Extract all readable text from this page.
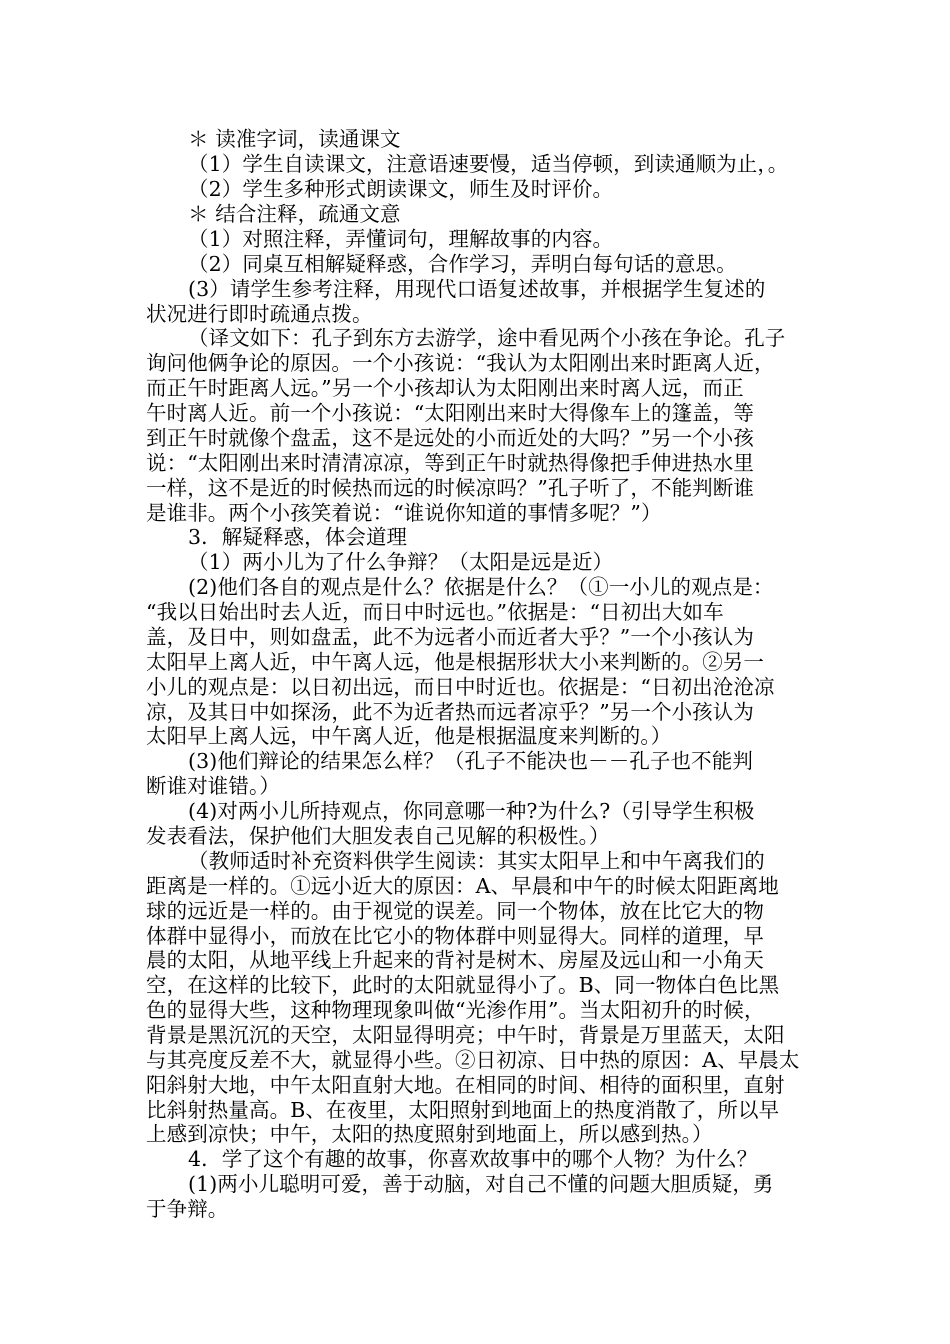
＊ 读准字词，读通课文
（1）学生自读课文，注意语速要慢，适当停顿，到读通顺为止，。
（2）学生多种形式朗读课文，师生及时评价。
＊ 结合注释，疏通文意
（1）对照注释，弄懂词句，理解故事的内容。
（2）同桌互相解疑释惑，合作学习，弄明白每句话的意思。
(3）请学生参考注释，用现代口语复述故事，并根据学生复述的
状况进行即时疏通点拨。
（译文如下：孔子到东方去游学，途中看见两个小孩在争论。孔子
询问他俩争论的原因。一个小孩说：“我认为太阳刚出来时距离人近，
而正午时距离人远。”另一个小孩却认为太阳刚出来时离人远，而正
午时离人近。前一个小孩说：“太阳刚出来时大得像车上的篷盖，等
到正午时就像个盘盂，这不是远处的小而近处的大吗？”另一个小孩
说：“太阳刚出来时清清凉凉，等到正午时就热得像把手伸进热水里
一样，这不是近的时候热而远的时候凉吗？”孔子听了，不能判断谁
是谁非。两个小孩笑着说：“谁说你知道的事情多呢？”）
3．解疑释惑，体会道理
（1）两小儿为了什么争辩？（太阳是远是近）
(2)他们各自的观点是什么？依据是什么？（①一小儿的观点是：
“我以日始出时去人近，而日中时远也。”依据是：“日初出大如车
盖，及日中，则如盘盂，此不为远者小而近者大乎？”一个小孩认为
太阳早上离人近，中午离人远，他是根据形状大小来判断的。②另一
小儿的观点是：以日初出远，而日中时近也。依据是：“日初出沧沧凉
凉，及其日中如探汤，此不为近者热而远者凉乎？”另一个小孩认为
太阳早上离人远，中午离人近，他是根据温度来判断的。）
(3)他们辩论的结果怎么样？（孔子不能决也－－孔子也不能判
断谁对谁错。）
(4)对两小儿所持观点，你同意哪一种?为什么?（引导学生积极
发表看法，保护他们大胆发表自己见解的积极性。）
（教师适时补充资料供学生阅读：其实太阳早上和中午离我们的
距离是一样的。①远小近大的原因：A、早晨和中午的时候太阳距离地
球的远近是一样的。由于视觉的误差。同一个物体，放在比它大的物
体群中显得小，而放在比它小的物体群中则显得大。同样的道理，早
晨的太阳，从地平线上升起来的背衬是树木、房屋及远山和一小角天
空，在这样的比较下，此时的太阳就显得小了。B、同一物体白色比黑
色的显得大些，这种物理现象叫做“光渗作用”。当太阳初升的时候，
背景是黑沉沉的天空，太阳显得明亮；中午时，背景是万里蓝天，太阳
与其亮度反差不大，就显得小些。②日初凉、日中热的原因：A、早晨太
阳斜射大地，中午太阳直射大地。在相同的时间、相待的面积里，直射
比斜射热量高。B、在夜里，太阳照射到地面上的热度消散了，所以早
上感到凉快；中午，太阳的热度照射到地面上，所以感到热。）
4．学了这个有趣的故事，你喜欢故事中的哪个人物？为什么？
(1)两小儿聪明可爱，善于动脑，对自己不懂的问题大胆质疑，勇
于争辩。
